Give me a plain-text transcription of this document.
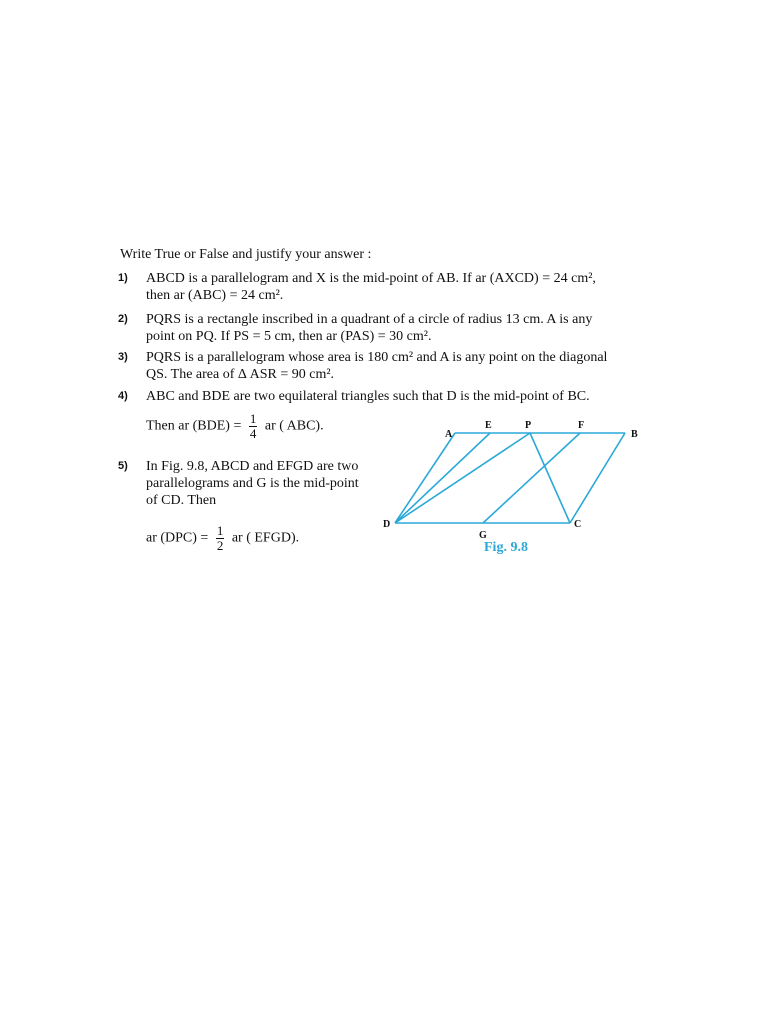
Write True or False and justify your answer :
1) ABCD is a parallelogram and X is the mid-point of AB. If ar (AXCD) = 24 cm²,
then ar (ABC) = 24 cm².
2) PQRS is a rectangle inscribed in a quadrant of a circle of radius 13 cm. A is any
point on PQ. If PS = 5 cm, then ar (PAS) = 30 cm².
3) PQRS is a parallelogram whose area is 180 cm² and A is any point on the diagonal
QS. The area of Δ ASR = 90 cm².
4) ABC and BDE are two equilateral triangles such that D is the mid-point of BC.
Then ar $(BDE) = \frac{1}{4}$ ar ( ABC).
5) In Fig. 9.8, ABCD and EFGD are two
parallelograms and G is the mid-point
of CD. Then
ar $(DPC) = \frac{1}{2}$ ar ( EFGD).
A
E	P	F
B
D
G
C
Fig. 9.8
